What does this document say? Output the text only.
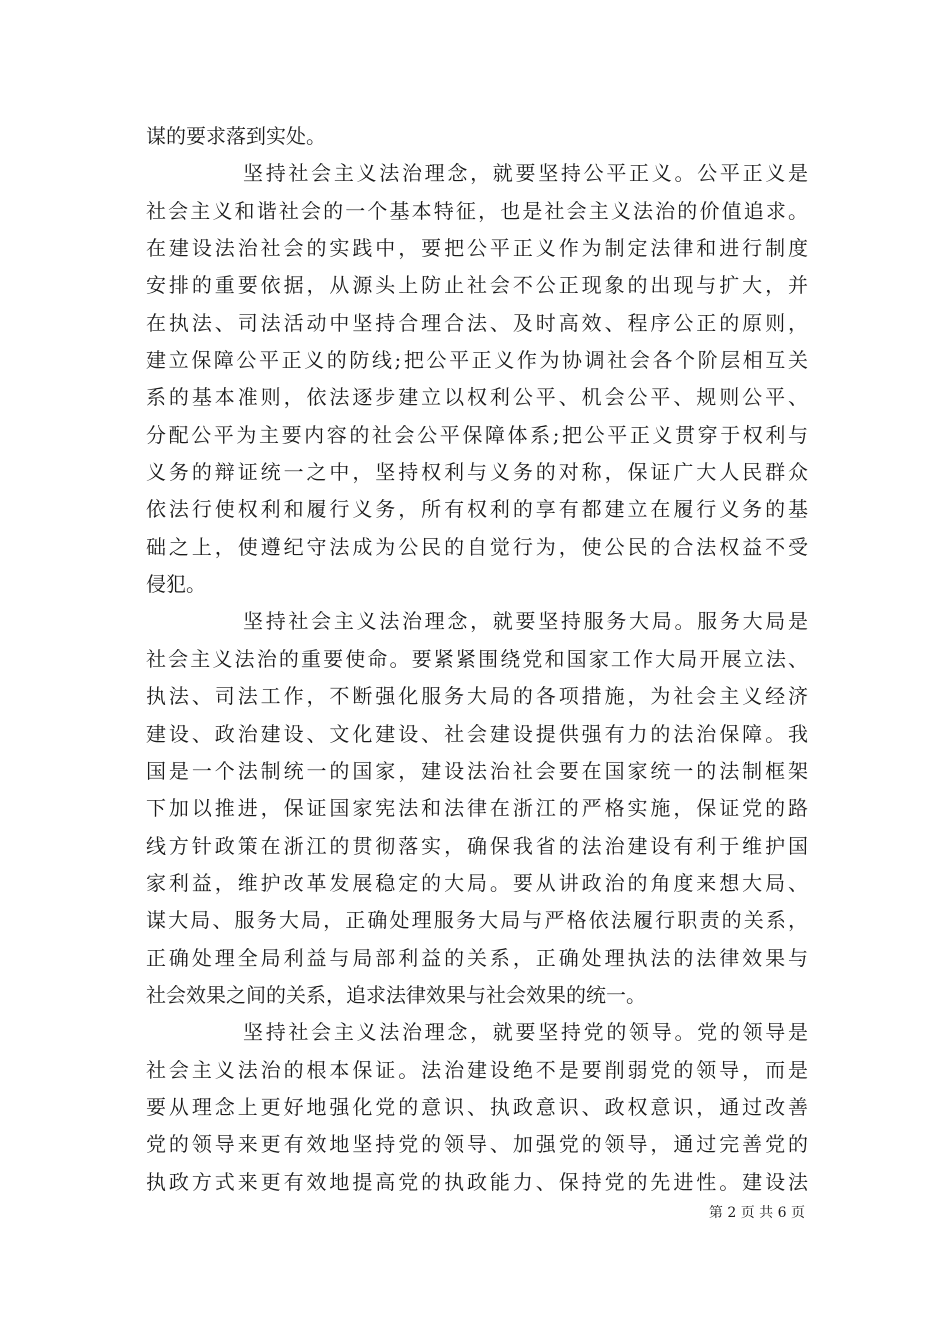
谋的要求落到实处。
坚持社会主义法治理念，就要坚持公平正义。公平正义是
社会主义和谐社会的一个基本特征，也是社会主义法治的价值追求。
在建设法治社会的实践中，要把公平正义作为制定法律和进行制度
安排的重要依据，从源头上防止社会不公正现象的出现与扩大，并
在执法、司法活动中坚持合理合法、及时高效、程序公正的原则，
建立保障公平正义的防线;把公平正义作为协调社会各个阶层相互关
系的基本准则，依法逐步建立以权利公平、机会公平、规则公平、
分配公平为主要内容的社会公平保障体系;把公平正义贯穿于权利与
义务的辩证统一之中，坚持权利与义务的对称，保证广大人民群众
依法行使权利和履行义务，所有权利的享有都建立在履行义务的基
础之上，使遵纪守法成为公民的自觉行为，使公民的合法权益不受
侵犯。
坚持社会主义法治理念，就要坚持服务大局。服务大局是
社会主义法治的重要使命。要紧紧围绕党和国家工作大局开展立法、
执法、司法工作，不断强化服务大局的各项措施，为社会主义经济
建设、政治建设、文化建设、社会建设提供强有力的法治保障。我
国是一个法制统一的国家，建设法治社会要在国家统一的法制框架
下加以推进，保证国家宪法和法律在浙江的严格实施，保证党的路
线方针政策在浙江的贯彻落实，确保我省的法治建设有利于维护国
家利益，维护改革发展稳定的大局。要从讲政治的角度来想大局、
谋大局、服务大局，正确处理服务大局与严格依法履行职责的关系，
正确处理全局利益与局部利益的关系，正确处理执法的法律效果与
社会效果之间的关系，追求法律效果与社会效果的统一。
坚持社会主义法治理念，就要坚持党的领导。党的领导是
社会主义法治的根本保证。法治建设绝不是要削弱党的领导，而是
要从理念上更好地强化党的意识、执政意识、政权意识，通过改善
党的领导来更有效地坚持党的领导、加强党的领导，通过完善党的
执政方式来更有效地提高党的执政能力、保持党的先进性。建设法
第 2 页 共 6 页
